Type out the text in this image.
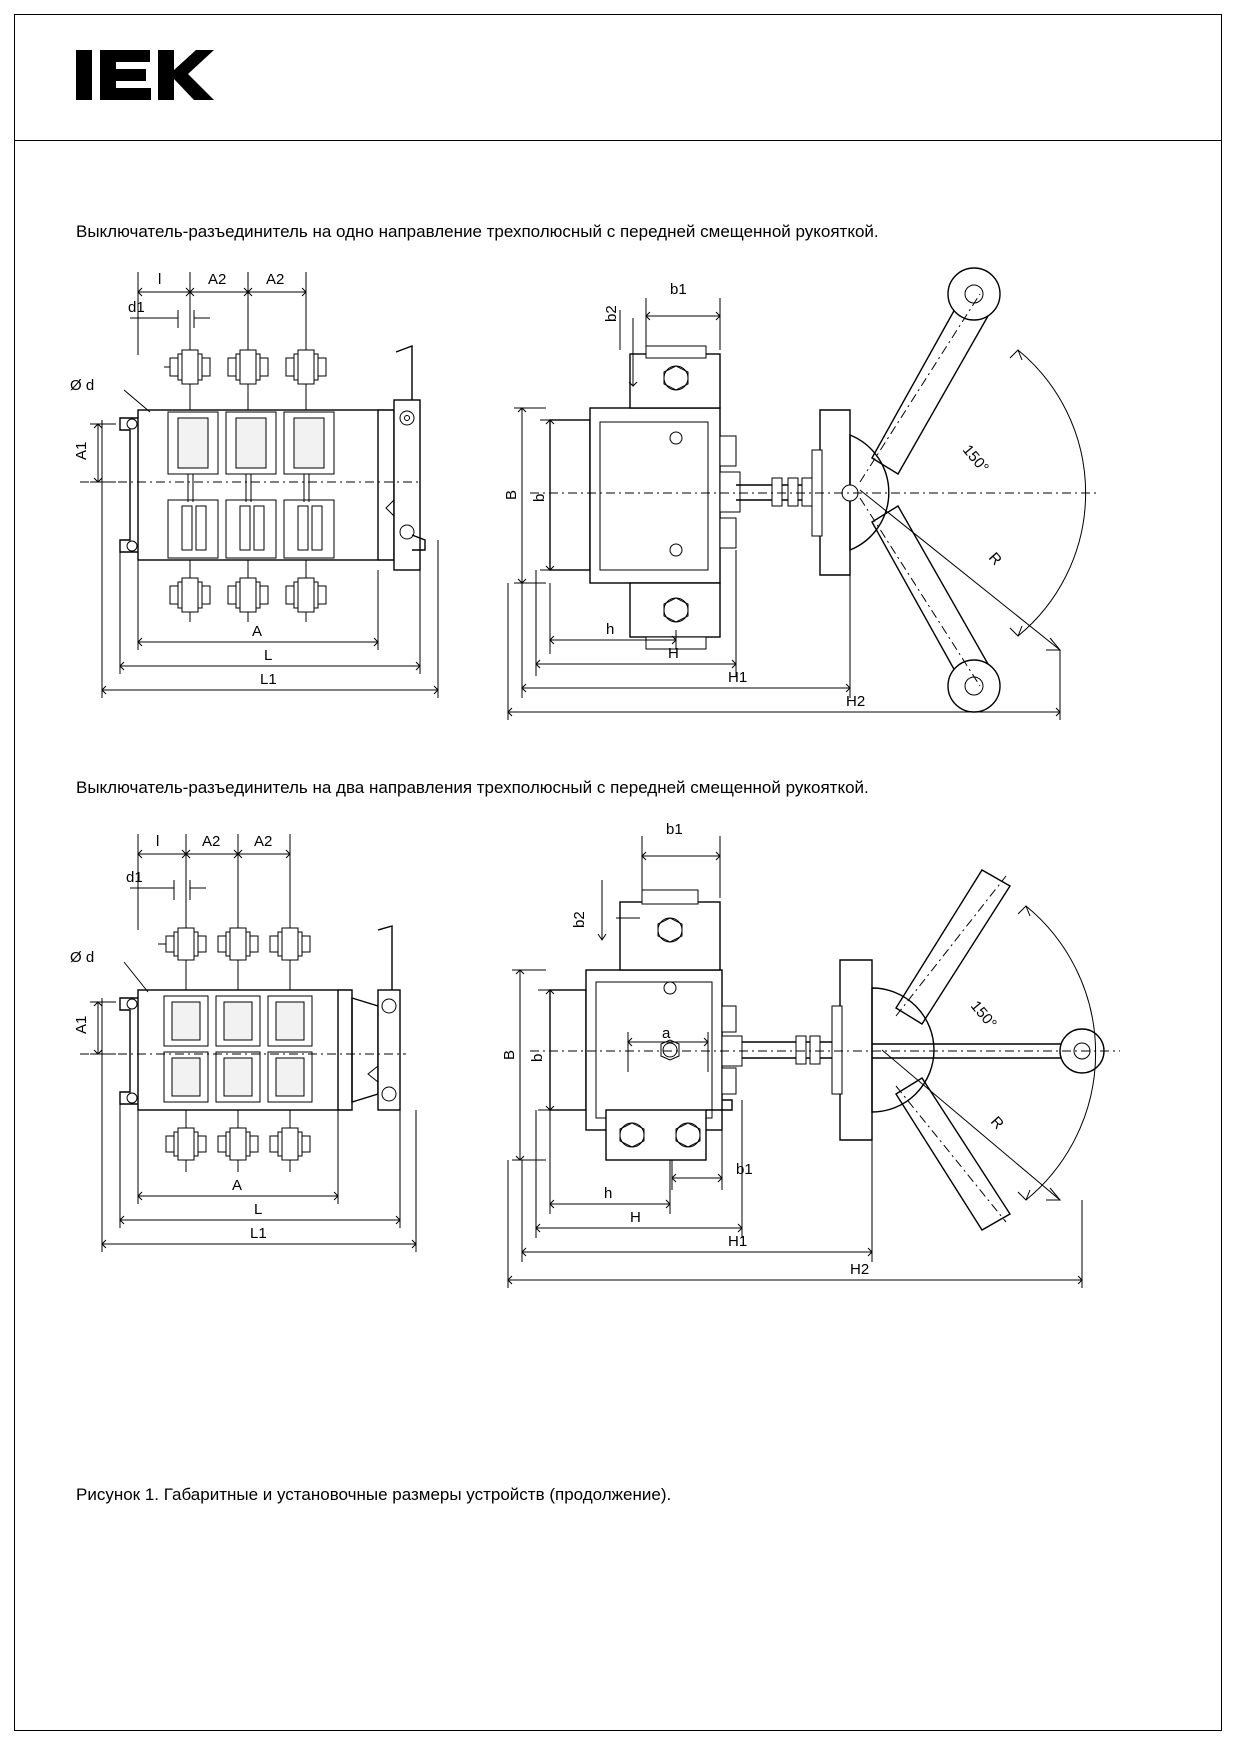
Выключатель-разъединитель на одно направление трехполюсный с передней смещенной рукояткой.
Выключатель-разъединитель на два направления трехполюсный с передней смещенной рукояткой.
Рисунок 1. Габаритные и установочные размеры устройств (продолжение).
l	A2	A2
d1
Ø d
A1
A
L
L1
b2
b1
B b
h
H
H1
H2
150°
R
l	A2 A2
d1
Ø d
A1
A
L
L1
b1
b2
B b
a
b1
h
H
H1
H2
150°
R
